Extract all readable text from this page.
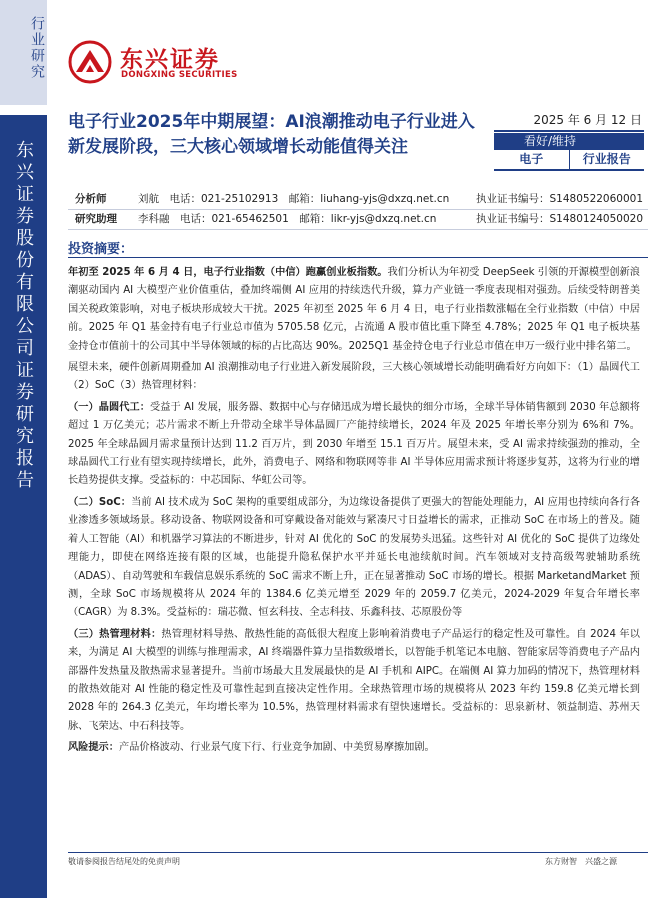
行业研究
东兴证券股份有限公司证券研究报告
东兴证券
DONGXING SECURITIES
电子行业2025年中期展望：AI浪潮推动电子行业进入新发展阶段，三大核心领域增长动能值得关注
2025 年 6 月 12 日
看好/维持
电子	行业报告
分析师	刘航　电话：021-25102913　邮箱：liuhang-yjs@dxzq.net.cn	执业证书编号：S1480522060001
研究助理 李科融　电话：021-65462501　邮箱：likr-yjs@dxzq.net.cn	执业证书编号：S1480124050020
投资摘要：

年初至 2025 年 6 月 4 日，电子行业指数（中信）跑赢创业板指数。我们分析认为年初受 DeepSeek 引领的开源模型创新浪潮驱动国内 AI 大模型产业价值重估，叠加终端侧 AI 应用的持续迭代升级，算力产业链一季度表现相对强劲。后续受特朗普美国关税政策影响，对电子板块形成较大干扰。2025 年初至 2025 年 6 月 4 日，电子行业指数涨幅在全行业指数（中信）中居前。2025 年 Q1 基金持有电子行业总市值为 5705.58 亿元，占流通 A 股市值比重下降至 4.78%；2025 年 Q1 电子板块基金持仓市值前十的公司其中半导体领域的标的占比高达 90%。2025Q1 基金持仓电子行业总市值在申万一级行业中排名第二。

展望未来，硬件创新周期叠加 AI 浪潮推动电子行业进入新发展阶段，三大核心领域增长动能明确看好方向如下：（1）晶圆代工（2）SoC（3）热管理材料：

（一）晶圆代工：受益于 AI 发展，服务器、数据中心与存储迅成为增长最快的细分市场，全球半导体销售额到 2030 年总额将超过 1 万亿美元；芯片需求不断上升带动全球半导体晶圆厂产能持续增长，2024 年及 2025 年增长率分别为 6%和 7%。2025 年全球晶圆月需求量预计达到 11.2 百万片，到 2030 年增至 15.1 百万片。展望未来，受 AI 需求持续强劲的推动，全球晶圆代工行业有望实现持续增长，此外，消费电子、网络和物联网等非 AI 半导体应用需求预计将逐步复苏，这将为行业的增长趋势提供支撑。受益标的：中芯国际、华虹公司等。

（二）SoC：当前 AI 技术成为 SoC 架构的重要组成部分，为边缘设备提供了更强大的智能处理能力，AI 应用也持续向各行各业渗透多领域场景。移动设备、物联网设备和可穿戴设备对能效与紧凑尺寸日益增长的需求，正推动 SoC 在市场上的普及。随着人工智能（AI）和机器学习算法的不断进步，针对 AI 优化的 SoC 的发展势头迅猛。这些针对 AI 优化的 SoC 提供了边缘处理能力，即使在网络连接有限的区域，也能提升隐私保护水平并延长电池续航时间。汽车领域对支持高级驾驶辅助系统（ADAS）、自动驾驶和车载信息娱乐系统的 SoC 需求不断上升，正在显著推动 SoC 市场的增长。根据 MarketandMarket 预测，全球 SoC 市场规模将从 2024 年的 1384.6 亿美元增至 2029 年的 2059.7 亿美元，2024-2029 年复合年增长率（CAGR）为 8.3%。受益标的：瑞芯微、恒玄科技、全志科技、乐鑫科技、芯原股份等

（三）热管理材料：热管理材料导热、散热性能的高低很大程度上影响着消费电子产品运行的稳定性及可靠性。自 2024 年以来，为满足 AI 大模型的训练与推理需求，AI 终端器件算力呈指数级增长，以智能手机笔记本电脑、智能家居等消费电子产品内部器件发热量及散热需求显著提升。当前市场最大且发展最快的是 AI 手机和 AIPC。在端侧 AI 算力加码的情况下，热管理材料的散热效能对 AI 性能的稳定性及可靠性起到直接决定性作用。全球热管理市场的规模将从 2023 年约 159.8 亿美元增长到 2028 年的 264.3 亿美元，年均增长率为 10.5%，热管理材料需求有望快速增长。受益标的：思泉新材、领益制造、苏州天脉、飞荣达、中石科技等。

风险提示：产品价格波动、行业景气度下行、行业竞争加剧、中美贸易摩擦加剧。

敬请参阅报告结尾处的免责声明	东方财智　兴盛之源
